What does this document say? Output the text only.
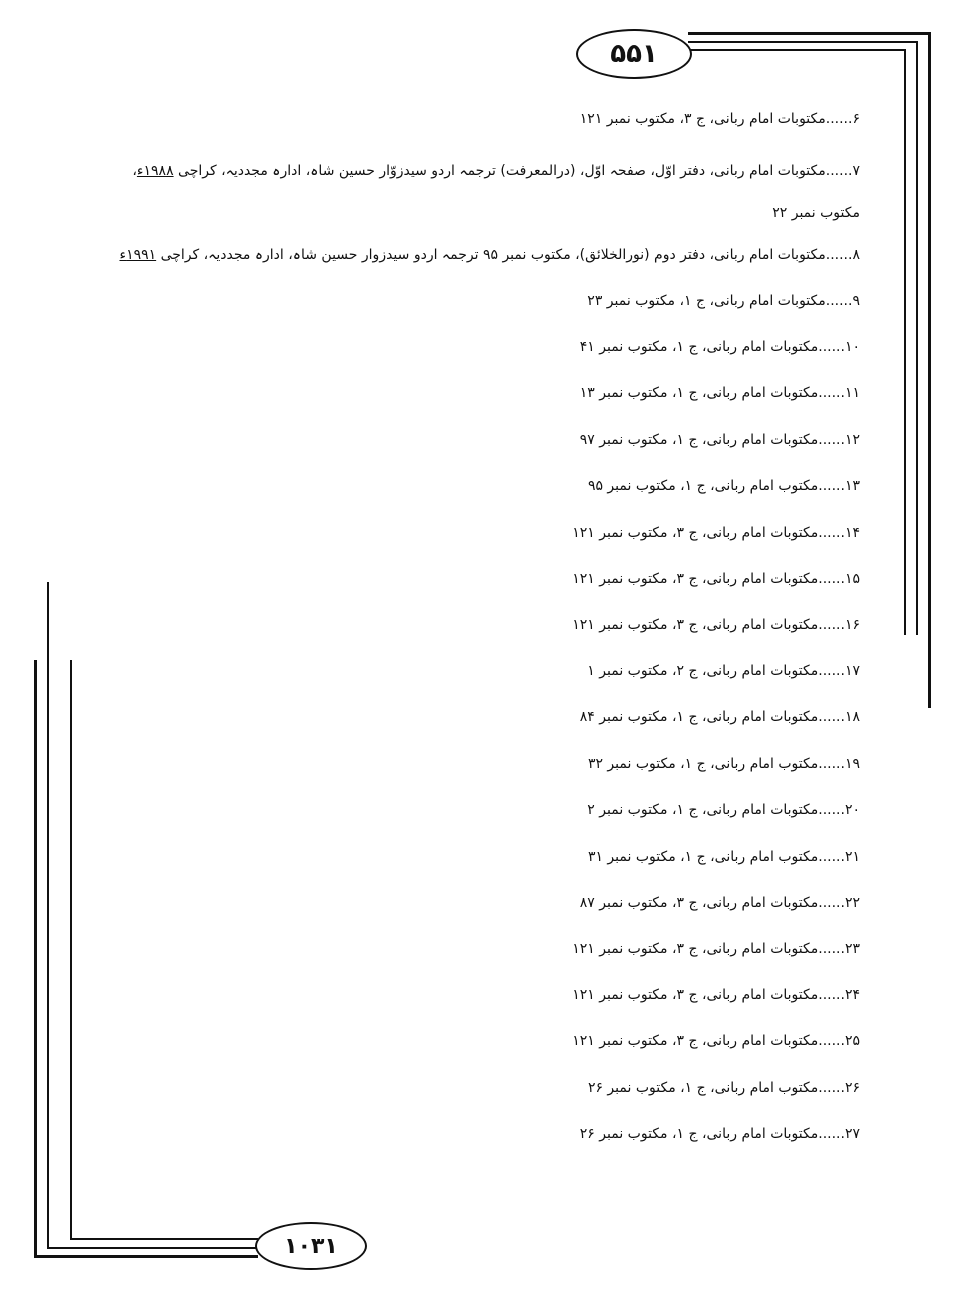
۵۵۱
۱۰۳۱
۶......مکتوبات امام ربانی، ج ۳، مکتوب نمبر ۱۲۱
۷......مکتوبات امام ربانی، دفتر اوّل، صفحہ اوّل، (درالمعرفت) ترجمہ اردو سیدزوّار حسین شاہ، ادارہ مجددیہ، کراچی ۱۹۸۸ء، مکتوب نمبر ۲۲
۸......مکتوبات امام ربانی، دفتر دوم (نورالخلائق)، مکتوب نمبر ۹۵ ترجمہ اردو سیدزوار حسین شاہ، ادارہ مجددیہ، کراچی ۱۹۹۱ء
۹......مکتوبات امام ربانی، ج ۱، مکتوب نمبر ۲۳
۱۰......مکتوبات امام ربانی، ج ۱، مکتوب نمبر ۴۱
۱۱......مکتوبات امام ربانی، ج ۱، مکتوب نمبر ۱۳
۱۲......مکتوبات امام ربانی، ج ۱، مکتوب نمبر ۹۷
۱۳......مکتوب امام ربانی، ج ۱، مکتوب نمبر ۹۵
۱۴......مکتوبات امام ربانی، ج ۳، مکتوب نمبر ۱۲۱
۱۵......مکتوبات امام ربانی، ج ۳، مکتوب نمبر ۱۲۱
۱۶......مکتوبات امام ربانی، ج ۳، مکتوب نمبر ۱۲۱
۱۷......مکتوبات امام ربانی، ج ۲، مکتوب نمبر ۱
۱۸......مکتوبات امام ربانی، ج ۱، مکتوب نمبر ۸۴
۱۹......مکتوب امام ربانی، ج ۱، مکتوب نمبر ۳۲
۲۰......مکتوبات امام ربانی، ج ۱، مکتوب نمبر ۲
۲۱......مکتوب امام ربانی، ج ۱، مکتوب نمبر ۳۱
۲۲......مکتوبات امام ربانی، ج ۳، مکتوب نمبر ۸۷
۲۳......مکتوبات امام ربانی، ج ۳، مکتوب نمبر ۱۲۱
۲۴......مکتوبات امام ربانی، ج ۳، مکتوب نمبر ۱۲۱
۲۵......مکتوبات امام ربانی، ج ۳، مکتوب نمبر ۱۲۱
۲۶......مکتوب امام ربانی، ج ۱، مکتوب نمبر ۲۶
۲۷......مکتوبات امام ربانی، ج ۱، مکتوب نمبر ۲۶
